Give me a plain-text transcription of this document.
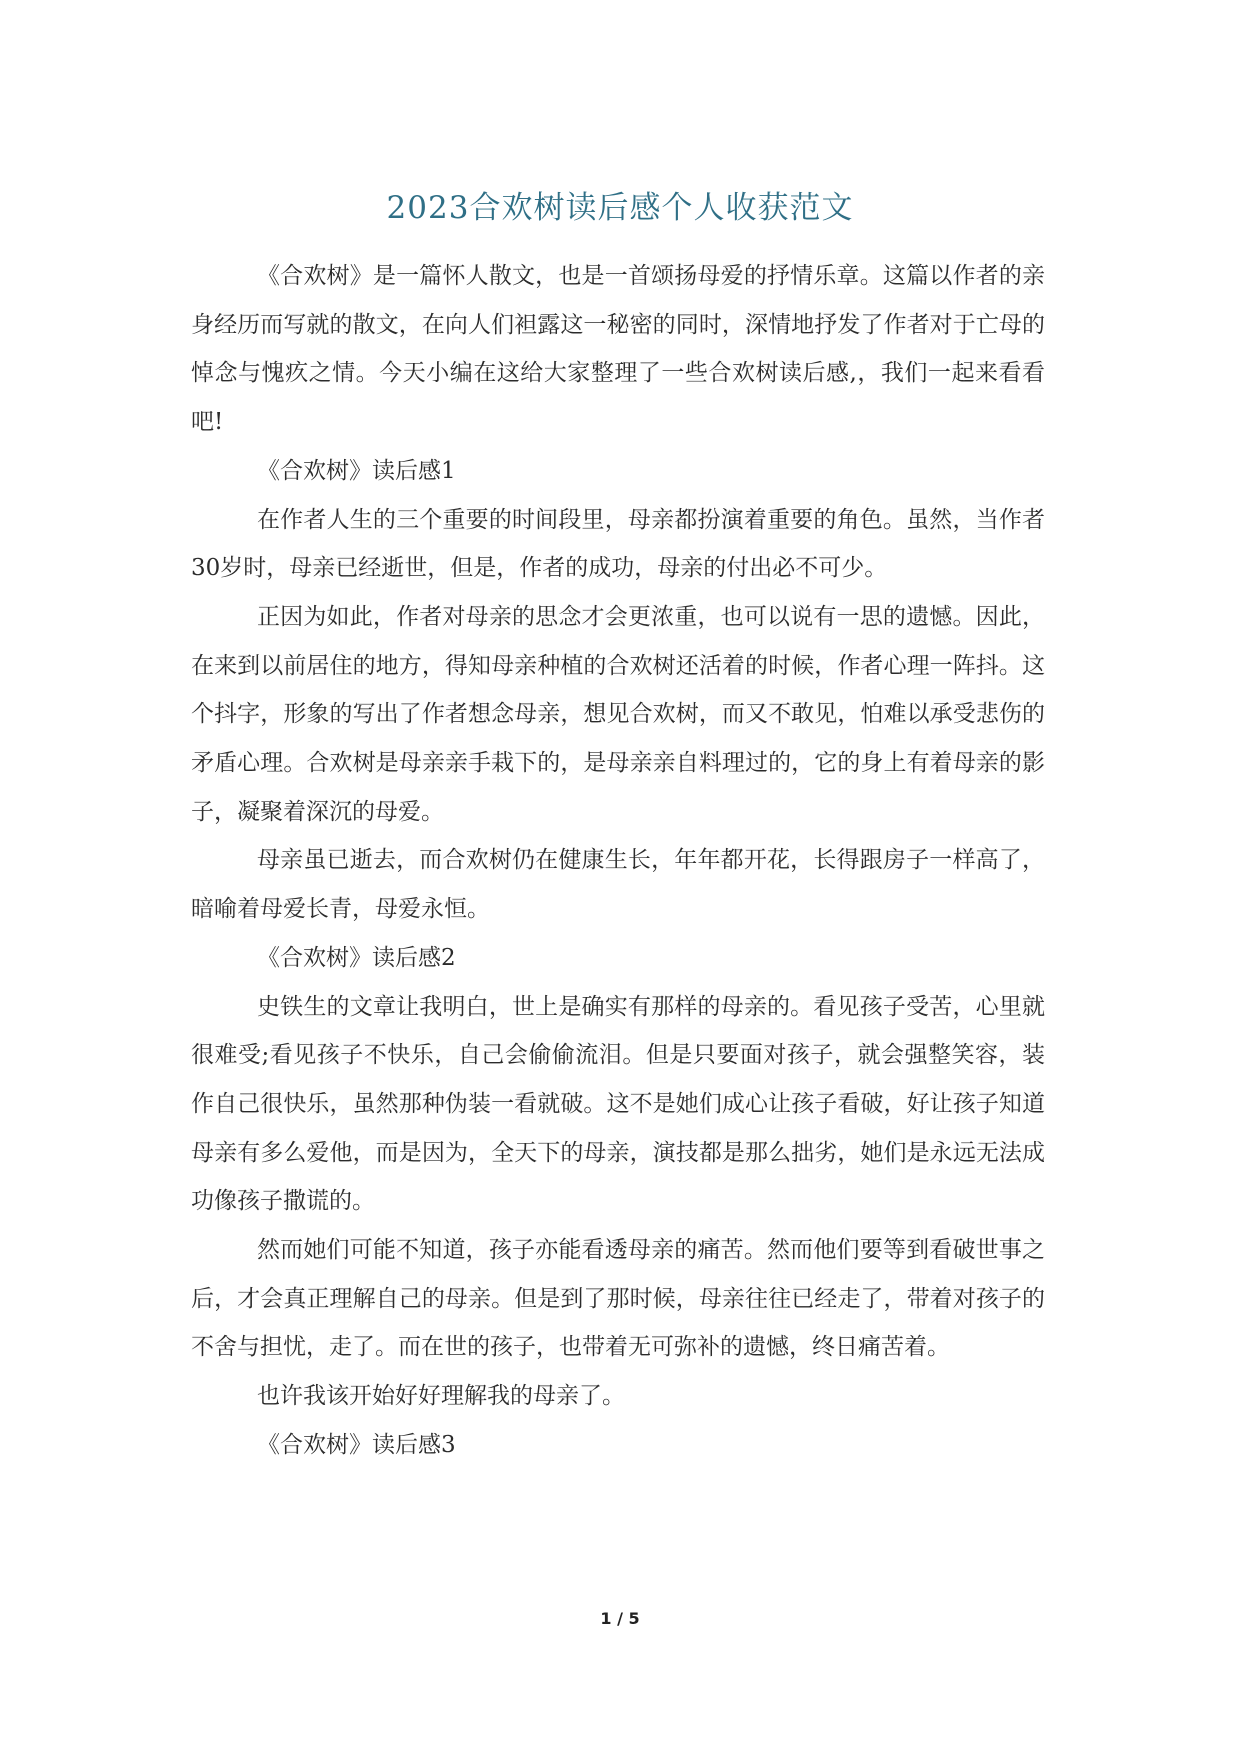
2023合欢树读后感个人收获范文

《合欢树》是一篇怀人散文，也是一首颂扬母爱的抒情乐章。这篇以作者的亲身经历而写就的散文，在向人们袒露这一秘密的同时，深情地抒发了作者对于亡母的悼念与愧疚之情。今天小编在这给大家整理了一些合欢树读后感,，我们一起来看看吧!

《合欢树》读后感1

在作者人生的三个重要的时间段里，母亲都扮演着重要的角色。虽然，当作者30岁时，母亲已经逝世，但是，作者的成功，母亲的付出必不可少。

正因为如此，作者对母亲的思念才会更浓重，也可以说有一思的遗憾。因此，在来到以前居住的地方，得知母亲种植的合欢树还活着的时候，作者心理一阵抖。这个抖字，形象的写出了作者想念母亲，想见合欢树，而又不敢见，怕难以承受悲伤的矛盾心理。合欢树是母亲亲手栽下的，是母亲亲自料理过的，它的身上有着母亲的影子，凝聚着深沉的母爱。

母亲虽已逝去，而合欢树仍在健康生长，年年都开花，长得跟房子一样高了，暗喻着母爱长青，母爱永恒。

《合欢树》读后感2

史铁生的文章让我明白，世上是确实有那样的母亲的。看见孩子受苦，心里就很难受;看见孩子不快乐，自己会偷偷流泪。但是只要面对孩子，就会强整笑容，装作自己很快乐，虽然那种伪装一看就破。这不是她们成心让孩子看破，好让孩子知道母亲有多么爱他，而是因为，全天下的母亲，演技都是那么拙劣，她们是永远无法成功像孩子撒谎的。

然而她们可能不知道，孩子亦能看透母亲的痛苦。然而他们要等到看破世事之后，才会真正理解自己的母亲。但是到了那时候，母亲往往已经走了，带着对孩子的不舍与担忧，走了。而在世的孩子，也带着无可弥补的遗憾，终日痛苦着。

也许我该开始好好理解我的母亲了。

《合欢树》读后感3

1 / 5
